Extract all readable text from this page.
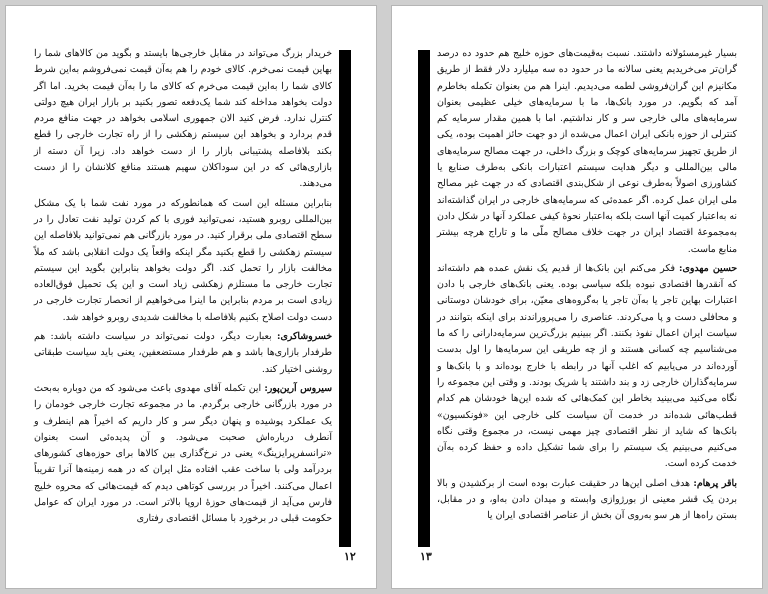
خریدار بزرگ می‌تواند در مقابل خارجی‌ها بایستد و بگوید من کالاهای شما را بهاین قیمت نمی‌خرم. کالای خودم را هم به‌آن قیمت نمی‌فروشم به‌این شرط کالای شما را به‌این قیمت می‌خرم که کالای ما را به‌آن قیمت بخرید. اما اگر دولت بخواهد مداخله کند شما یک‌دفعه تصور بکنید بر بازار ایران هیچ دولتی کنترل ندارد. فرض کنید الان جمهوری اسلامی بخواهد در جهت منافع مردم قدم بردارد و بخواهد این سیستم زهکشی را از راه تجارت خارجی را قطع بکند بلافاصله پشتیبانی بازار را از دست خواهد داد. زیرا آن دسته از بازاری‌هائی که در این سودا‌کلان سهیم هستند منافع کلانشان را از دست می‌دهند.

بنابراین مسئله این است که همانطورکه در مورد نفت شما با یک مشکل بین‌المللی روبرو هستید، نمی‌توانید فوری با کم کردن تولید نفت تعادل را در سطح اقتصادی ملی برقرار کنید. در مورد بازرگانی هم نمی‌توانید بلافاصله این سیستم زهکشی را قطع بکنید مگر اینکه واقعاً یک دولت انقلابی باشد که ملاً مخالفت بازار را تحمل کند. اگر دولت بخواهد بنابراین بگوید این سیستم تجارت خارجی ما مستلزم زهکشی زیاد است و این یک تحمیل فوق‌العاده زیادی است بر مردم بنابراین ما اینرا می‌خواهیم از انحصار تجارت خارجی در دست دولت اصلاح بکنیم بلافاصله با مخالفت شدیدی روبرو خواهد شد.

خسروشاکری: بعبارت دیگر، دولت نمی‌تواند در سیاست داشته باشد: هم طرفدار بازاری‌ها باشد و هم طرفدار مستضعفین، یعنی باید سیاست طبقاتی روشنی اختیار کند.

سیروس آرین‌پور: این تکمله آقای مهدوی باعث می‌شود که من دوباره به‌بحث در مورد بازرگانی خارجی برگردم. ما در مجموعه تجارت خارجی خودمان را یک عملکرد پوشیده و پنهان دیگر سر و کار داریم که اخیراً هم اینطرف و آنطرف درباره‌اش صحبت می‌شود. و آن پدیده‌ئی است بعنوان «ترانسفرپرایزینگ» یعنی در نرخ‌گذاری بین کالاها برای حوزه‌های کشورهای بردرآمد ولی با ساخت عقب افتاده مثل ایران که در همه زمینه‌ها آنرا تقریباً اعمال می‌کنند. اخیراً در بررسی کوتاهی دیدم که قیمت‌هائی که محروه خلیج فارس می‌آید از قیمت‌های حوزهٔ اروپا بالاتر است. در مورد ایران که عوامل حکومت قبلی در برخورد با مسائل اقتصادی رفتاری

۱۲

بسیار غیرمسئولانه داشتند. نسبت به‌قیمت‌های حوزه خلیج هم حدود ده درصد گران‌تر می‌خریدیم یعنی سالانه ما در حدود ده سه میلیارد دلار فقط از طریق مکانیزم این گران‌فروشی لطمه می‌دیدیم. اینرا هم من بعنوان تکمله بخاطرم آمد که بگویم. در مورد بانک‌ها، ما با سرمایه‌های خیلی عظیمی بعنوان سرمایه‌های مالی خارجی سر و کار نداشتیم. اما با همین مقدار سرمایه کم کنترلی‌ از حوزه بانکی ایران اعمال می‌شده از دو جهت حائز اهمیت بوده، یکی از طریق تجهیز سرمایه‌های کوچک و بزرگ داخلی، در جهت مصالح سرمایه‌های مالی بین‌المللی و دیگر هدایت سیستم اعتبارات بانکی به‌طرف صنایع یا کشاورزی اصولاً به‌طرف نوعی از شکل‌بندی اقتصادی که در جهت غیر مصالح ملی ایران عمل کرده. اگر عمده‌ئی که سرمایه‌های خارجی در ایران گذاشته‌اند نه به‌اعتبار کمیت آنها است بلکه به‌اعتبار نحوهٔ کیفی عملکرد آنها در شکل دادن به‌مجموعهٔ اقتصاد ایران در جهت خلاف مصالح ملّی ما و تاراج هرچه بیشتر منابع ماست.

حسین مهدوی: فکر می‌کنم این بانک‌ها از قدیم یک نقش عمده هم داشته‌اند که آنقدرها اقتصادی نبوده بلکه سیاسی بوده. یعنی بانک‌های خارجی با دادن اعتبارات بهاین تاجر یا به‌آن تاجر یا به‌گروه‌های معیّن، برای خودشان دوستانی و محافلی دست و پا می‌کردند. عناصری را می‌پروراندند برای اینکه بتوانند در سیاست ایران اعمال نفوذ بکنند. اگر ببینیم بزرگ‌ترین سرمایه‌دارانی را که ما می‌شناسیم چه کسانی هستند و از چه طریقی این سرمایه‌ها را اول بدست آورده‌اند در می‌یابیم که اغلب آنها در رابطه با خارج بوده‌اند و با بانک‌ها و سرمایه‌گذاران خارجی زد و بند داشتند یا شریک بودند. و وقتی این مجموعه را نگاه می‌کنید می‌بینید بخاطر این کمک‌هائی که شده این‌ها خودشان هم کدام قطب‌هائی شده‌اند در خدمت آن سیاست کلی خارجی این «فونکسیون» بانک‌ها که شاید از نظر اقتصادی چیز مهمی نیست، در مجموع وقتی نگاه می‌کنیم می‌بینیم یک سیستم را برای شما تشکیل داده و حفظ کرده به‌آن خدمت کرده است.

باقر پرهام: هدف اصلی این‌ها در حقیقت عبارت بوده است از برکشیدن و بالا بردن یک قشر معینی از بورژوازی وابسته و میدان دادن به‌او، و در مقابل، بستن راه‌ها از هر سو به‌روی آن بخش از عناصر اقتصادی ایران یا

۱۳
